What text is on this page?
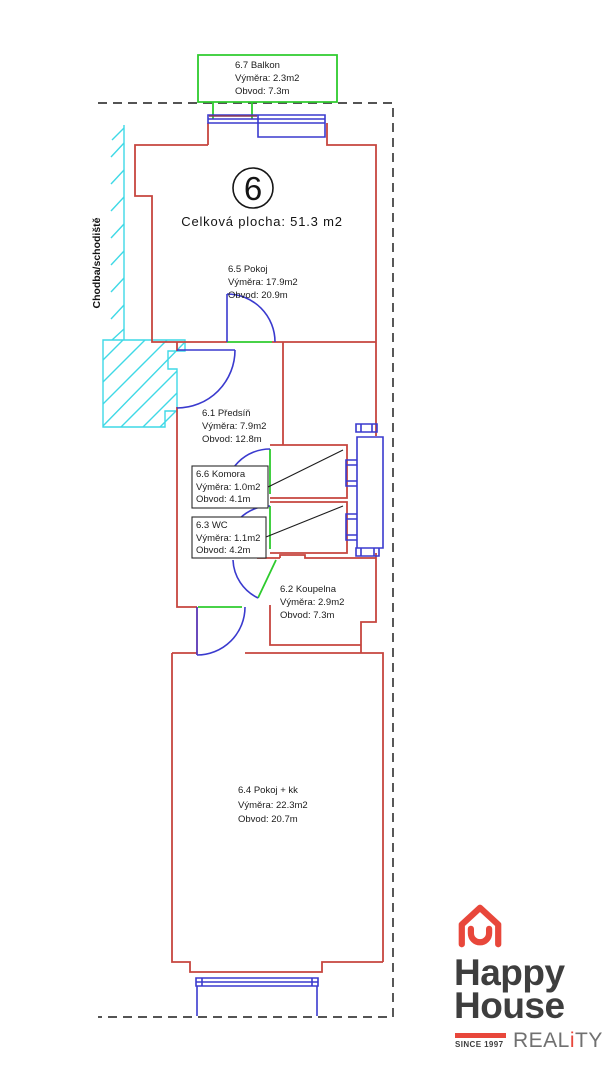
6
Celková plocha: 51.3 m2
Chodba/schodiště
6.7 Balkon
Výměra: 2.3m2
Obvod: 7.3m
6.5 Pokoj
Výměra: 17.9m2
Obvod: 20.9m
6.1 Předsíň
Výměra: 7.9m2
Obvod: 12.8m
6.6 Komora
Výměra: 1.0m2
Obvod: 4.1m
6.3 WC
Výměra: 1.1m2
Obvod: 4.2m
6.2 Koupelna
Výměra: 2.9m2
Obvod: 7.3m
6.4 Pokoj + kk
Výměra: 22.3m2
Obvod: 20.7m
Happy
House
SINCE 1997 REALiTY
